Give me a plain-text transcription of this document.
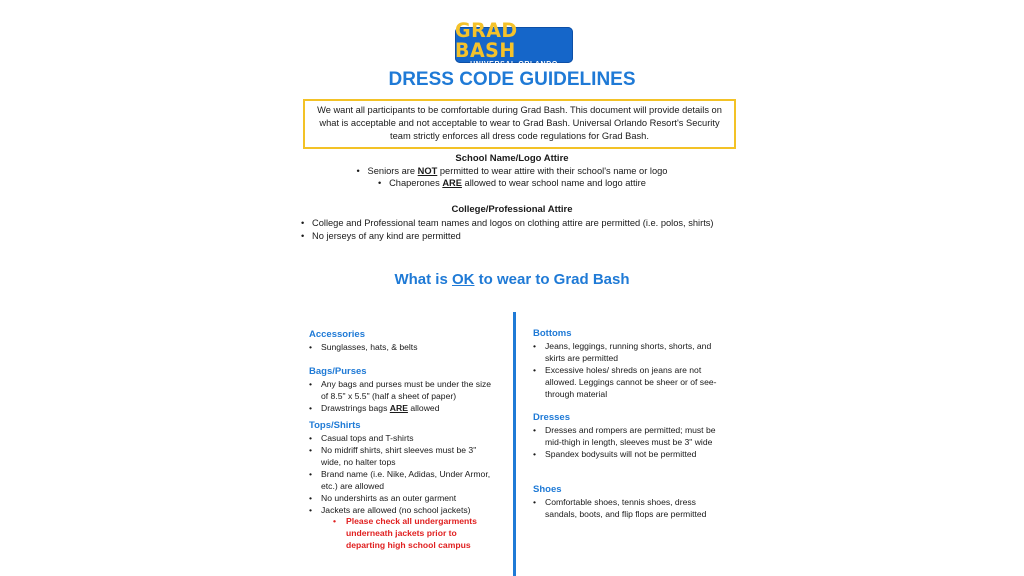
GRAD BASH
UNIVERSAL ORLANDO
DRESS CODE GUIDELINES
We want all participants to be comfortable during Grad Bash. This document will provide details on what is acceptable and not acceptable to wear to Grad Bash. Universal Orlando Resort's Security team strictly enforces all dress code regulations for Grad Bash.
School Name/Logo Attire
•   Seniors are NOT permitted to wear attire with their school's name or logo
•   Chaperones ARE allowed to wear school name and logo attire
College/Professional Attire
• College and Professional team names and logos on clothing attire are permitted (i.e. polos, shirts)
• No jerseys of any kind are permitted
What is OK to wear to Grad Bash
Accessories
• Sunglasses, hats, & belts
Bags/Purses
• Any bags and purses must be under the size of 8.5" x 5.5" (half a sheet of paper)
• Drawstrings bags ARE allowed
Tops/Shirts
• Casual tops and T-shirts
• No midriff shirts, shirt sleeves must be 3" wide, no halter tops
• Brand name (i.e. Nike, Adidas, Under Armor, etc.) are allowed
• No undershirts as an outer garment
• Jackets are allowed (no school jackets)
• Please check all undergarments underneath jackets prior to departing high school campus
Bottoms
• Jeans, leggings, running shorts, shorts, and skirts are permitted
• Excessive holes/ shreds on jeans are not allowed. Leggings cannot be sheer or of see-through material
Dresses
• Dresses and rompers are permitted; must be mid-thigh in length, sleeves must be 3" wide
• Spandex bodysuits will not be permitted
Shoes
• Comfortable shoes, tennis shoes, dress sandals, boots, and flip flops are permitted
